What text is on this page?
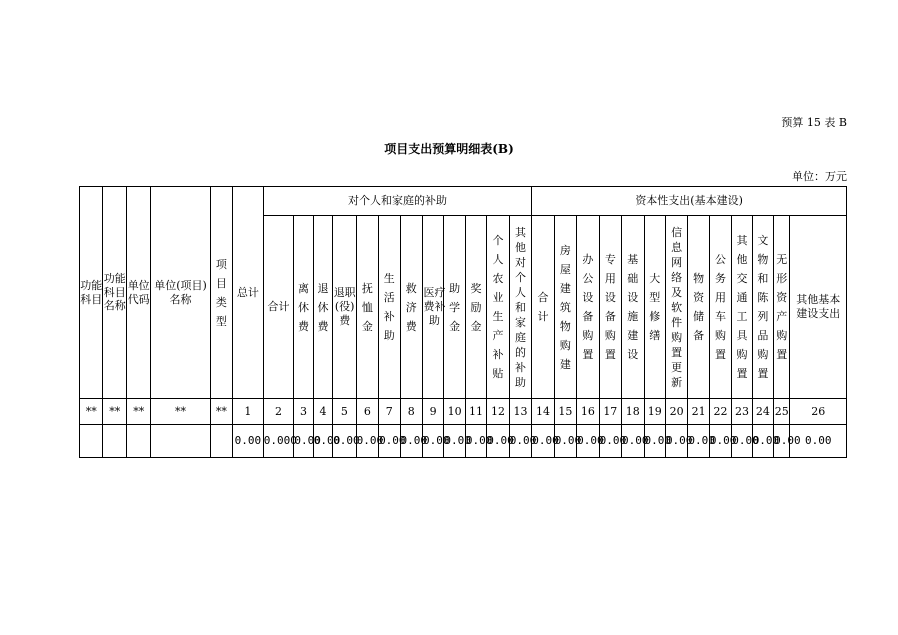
预算 15 表 B
项目支出预算明细表(B)
单位：万元
功能科目	功能科目名称	单位代码	单位(项目)名称	项目类型	总计	对个人和家庭的补助												资本性支出(基本建设)												
						合计	离休费	退休费	退职(役)费	抚恤金	生活补助	救济费	医疗费补助	助学金	奖励金	个人农业生产补贴	其他对个人和家庭的补助	合计	房屋建筑物购建	办公设备购置	专用设备购置	基础设施建设	大型修缮	信息网络及软件购置更新	物资储备	公务用车购置	其他交通工具购置	文物和陈列品购置	无形资产购置	其他基本建设支出
**	**	**	**	**	1	2	3	4	5	6	7	8	9	10	11	12	13	14	15	16	17	18	19	20	21	22	23	24	25	26
					0.00	0.000	0.00	0.00	0.00	0.00	0.00	0.00	0.00	0.00	0.00	0.00	0.00	0.00	0.00	0.00	0.00	0.00	0.00	0.00	0.00	0.00	0.00	0.00	0.00	0.00
